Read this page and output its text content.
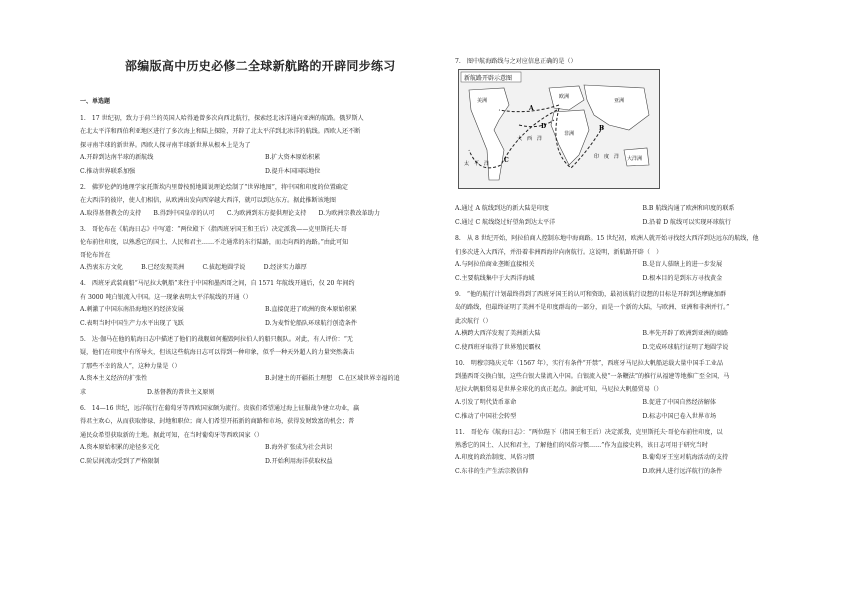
部编版高中历史必修二全球新航路的开辟同步练习
一、单选题
1.　17 世纪初，致力于荷兰的英国人哈得逊曾多次向西北航行，探索经北冰洋通向亚洲的航路。俄罗斯人
在北太平洋和西伯利亚地区进行了多次海上和陆上探险，开辟了北太平洋到北冰洋的航线。西欧人还不断
探寻南半球的新世界。西欧人探寻南半球新世界从根本上是为了
A.开辟到达南半球的新航线	B.扩大资本原始积累
C.推动世界联系加强	D.提升本国国际地位
2.　佛罗伦萨的地理学家托斯坎内里曾按照地圆说理论绘制了“世界地图”，将中国和印度的位置确定
在大西洋的彼岸，使人们相信，从欧洲出发向西穿越大西洋，就可以到达东方。据此推断该地图
A.取得基督教会的支持　　B.得到中国皇帝的认可　　C.为欧洲到东方提供理论支持　　D.为欧洲宗教改革助力
3.　哥伦布在《航海日志》中写道：“两位殿下（指西班牙国王和王后）决定派我——克里斯托夫·哥
伦布前往印度，以熟悉它的国土、人民和君主……不走通常的东行陆路，而走向西的海路。”由此可知
哥伦布旨在
A.热衷东方文化　　　B.已经发现美洲　　　C.拔起地圆学说　　　D.经济实力雄厚
4.　西班牙武装商船“马尼拉大帆船”来往于中国和墨西哥之间，自 1571 年航线开通后，仅 20 年间约
有 3000 吨白银流入中国。这一现象表明太平洋航线的开通（）
A.刺激了中国东南沿海地区的经济发展	B.直接促进了欧洲的资本原始积累
C.表明当时中国生产力水平出现了飞跃	D.为麦哲伦船队环球航行创造条件
5.　达·伽马在他的航海日志中描述了他们的战舰如何摧毁阿拉伯人的船只舰队。对此，有人评价：“无
疑，他们在印度中有所导火，但该这些航海日志可以得到一种印象，似乎一种天外超人的力量突然袭击
了那些不幸的敌人”，这种力量是（）
A.资本主义经济的扩张性	B.封建主的开疆拓土理想　C.在区域世界幸福的追
求　　　　　　　　　　D.基督教的普世主义原则
6.　14—16 世纪，远洋航行在葡萄牙等西欧国家颇为流行。贵族们希望通过海上征服战争建立功业，赢
得君主欢心，从而获取俸禄、封地和职位；商人们希望开拓新的商路和市场，获得发财致富的机会；普
通民众希望获取新的土地。据此可知，在当时葡萄牙等西欧国家（）
A.资本原始积累的途径多元化	B.海外扩张成为社会共识
C.阶层间流动受到了严格限制	D.开始利用海洋获取权益
7.　图中航海路线与之对应信息正确的是（）
A.通过 A 航线到达的新大陆是印度	B.B 航线沟通了欧洲和印度的联系
C.通过 C 航线绕过好望角到达太平洋	D.沿着 D 航线可以实现环球航行
8.　从 8 世纪开始，阿拉伯商人控制东地中海商路。15 世纪初，欧洲人就开始寻找经大西洋到达远东的航线，他
们多次进入大西洋，并沿着非洲西海岸向南航行。这说明，新航路开辟（　）
A.与阿拉伯商业垄断直接相关	B.是盲人慕瞎上的进一步发展
C.主要航线集中于大西洋海域	D.根本目的是到东方寻找黄金
9.　“他的航行计划最终得到了西班牙国王的认可和资助，最初该航行设想的目标是开辟到达摩鹿加群
岛的路线，但最终证明了美洲不是印度群岛的一部分，而是一个新的大陆，与欧洲、亚洲和非洲并行。”
此次航行（）
A.横跨大西洋发现了美洲新大陆	B.率先开辟了欧洲到亚洲的商路
C.使西班牙取得了世界殖民霸权	D.完成环球航行证明了地圆学说
10.　明穆宗隆庆元年（1567 年），实行有条件“开禁”，西班牙马尼拉大帆船运载大量中国手工业品
到墨西哥交换白银，这些白银大量流入中国。白银流入使“一条鞭法”的推行从福建等地推广至全国，马
尼拉大帆船贸易是世界全球化的真正起点。据此可知，马尼拉大帆船贸易（）
A.引发了明代货币革命	B.促进了中国自然经济解体
C.推动了中国社会转型	D.标志中国已卷入世界市场
11.　哥伦布《航海日志》：“两位陛下（指国王和王后）决定派我，克里斯托夫·哥伦布前往印度，以
熟悉它的国土、人民和君主，了解他们的风俗习惯……”作为直接史料，该日志可用于研究当时
A.印度的政治制度、风俗习惯	B.葡萄牙王室对航海活动的支持
C.东非的生产生活宗教信仰	D.欧洲人进行远洋航行的条件
新航路开辟示意图
大　西　洋
太　平　洋
印　度　洋
A
B
C
D
美洲
欧洲
亚洲
非洲
大洋洲
